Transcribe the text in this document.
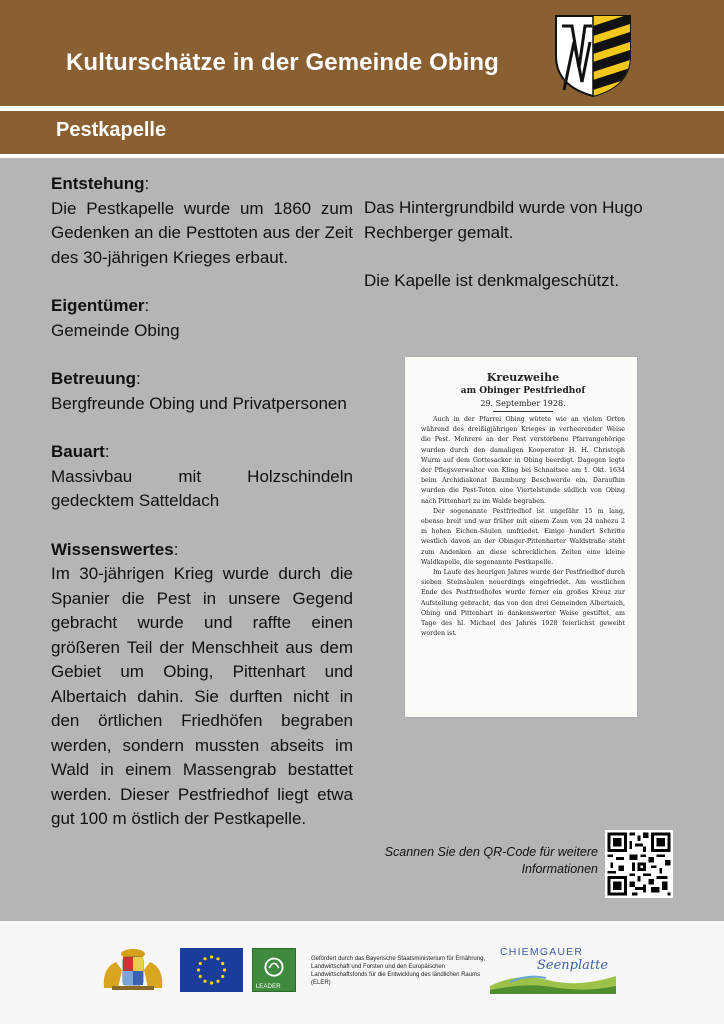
Kulturschätze in der Gemeinde Obing
Pestkapelle
Entstehung:

Die Pestkapelle wurde um 1860 zum Gedenken an die Pesttoten aus der Zeit des 30-jährigen Krieges erbaut.

Eigentümer:

Gemeinde Obing

Betreuung:

Bergfreunde Obing und Privatpersonen

Bauart:

Massivbau mit Holzschindeln gedecktem Satteldach

Wissenswertes:

Im 30-jährigen Krieg wurde durch die Spanier die Pest in unsere Gegend gebracht wurde und raffte einen größeren Teil der Menschheit aus dem Gebiet um Obing, Pittenhart und Albertaich dahin. Sie durften nicht in den örtlichen Friedhöfen begraben werden, sondern mussten abseits im Wald in einem Massengrab bestattet werden. Dieser Pestfriedhof liegt etwa gut 100 m östlich der Pestkapelle.

Das Hintergrundbild wurde von Hugo Rechberger gemalt.

Die Kapelle ist denkmalgeschützt.

Kreuzweihe
am Obinger Pestfriedhof
29. September 1928.

Auch in der Pfarrei Obing wütete wie an vielen Orten während des dreißigjährigen Krieges in verheerender Weise die Pest. Mehrere an der Pest verstorbene Pfarrangehörige wurden durch den damaligen Kooperator H. H. Christoph Wurm auf dem Gottesacker in Obing beerdigt. Dagegen legte der Pflegsverwalter von Kling bei Schnaitsee am 1. Okt. 1634 beim Archidiakonat Baumburg Beschwerde ein. Daraufhin wurden die Pest-Toten eine Viertelstunde südlich von Obing nach Pittenhart zu im Walde begraben.

Der sogenannte Pestfriedhof ist ungefähr 15 m lang, ebenso breit und war früher mit einem Zaun von 24 nahezu 2 m hohen Eichen-Säulen umfriedet. Einige hundert Schritte westlich davon an der Obinger-Pittenharter Waldstraße steht zum Andenken an diese schrecklichen Zeiten eine kleine Waldkapelle, die sogenannte Pestkapelle.

Im Laufe des heurigen Jahres wurde der Pestfriedhof durch sieben Steinsäulen neuerdings eingefriedet. Am westlichen Ende des Pestfriedhofes wurde ferner ein großes Kreuz zur Aufstellung gebracht, das von den drei Gemeinden Albertaich, Obing und Pittenhart in dankenswerter Weise gestiftet, am Tage des hl. Michael des Jahres 1928 feierlichst geweiht worden ist.

Scannen Sie den QR-Code für weitere Informationen
LEADER
Gefördert durch das Bayerische Staatsministerium für Ernährung, Landwirtschaft und Forsten und den Europäischen Landwirtschaftsfonds für die Entwicklung des ländlichen Raums (ELER)
CHIEMGAUER
Seenplatte
